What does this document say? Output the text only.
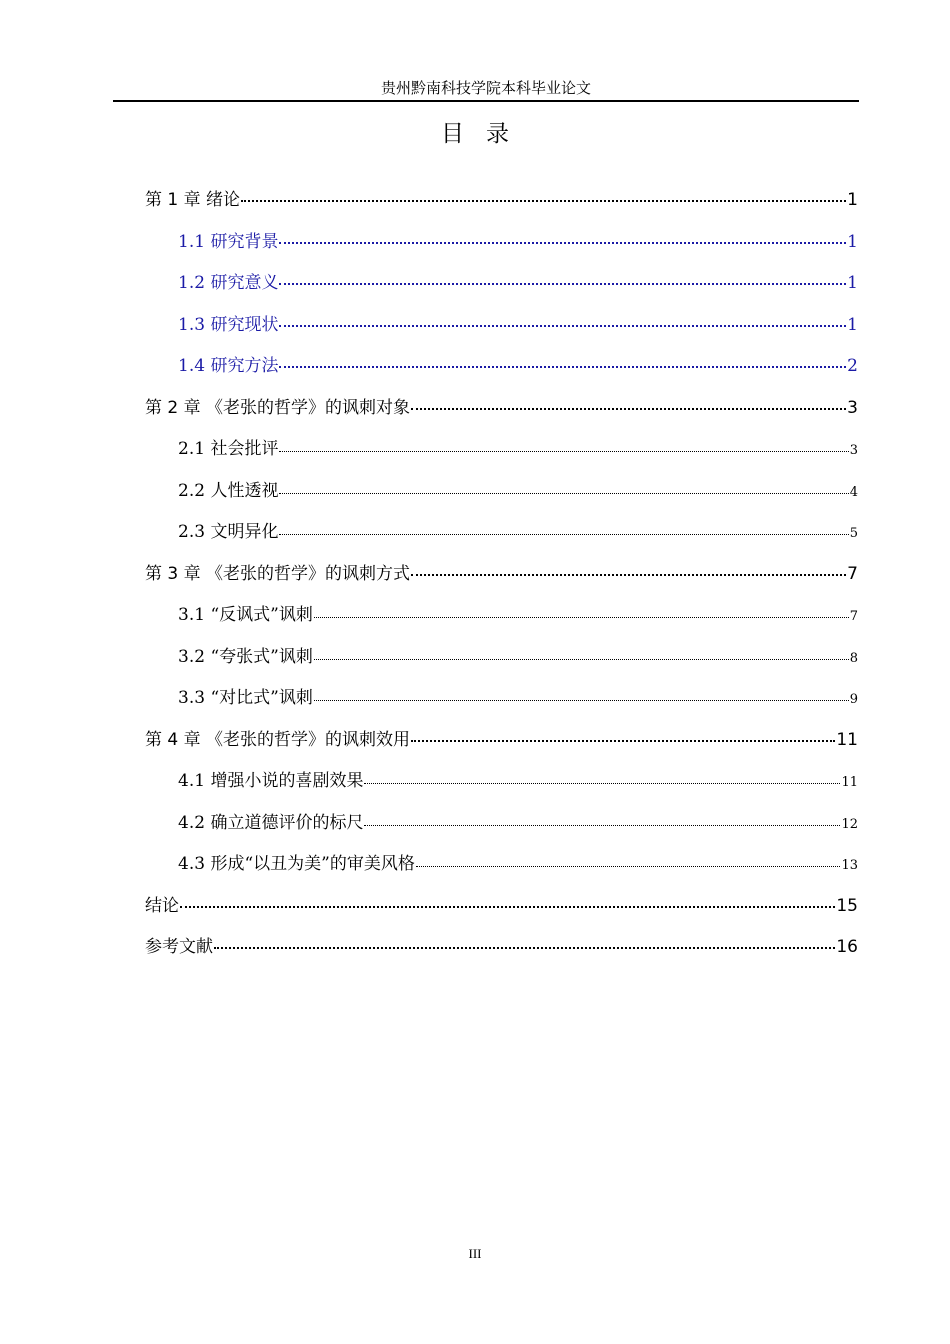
贵州黔南科技学院本科毕业论文
目录
第 1 章 绪论	1
1.1 研究背景	1
1.2 研究意义	1
1.3 研究现状	1
1.4 研究方法	2
第 2 章 《老张的哲学》的讽刺对象	3
2.1 社会批评	3
2.2 人性透视	4
2.3 文明异化	5
第 3 章 《老张的哲学》的讽刺方式	7
3.1 “反讽式”讽刺	7
3.2 “夸张式”讽刺	8
3.3 “对比式”讽刺	9
第 4 章 《老张的哲学》的讽刺效用	11
4.1 增强小说的喜剧效果	11
4.2 确立道德评价的标尺	12
4.3 形成“以丑为美”的审美风格	13
结论	15
参考文献	16
III
